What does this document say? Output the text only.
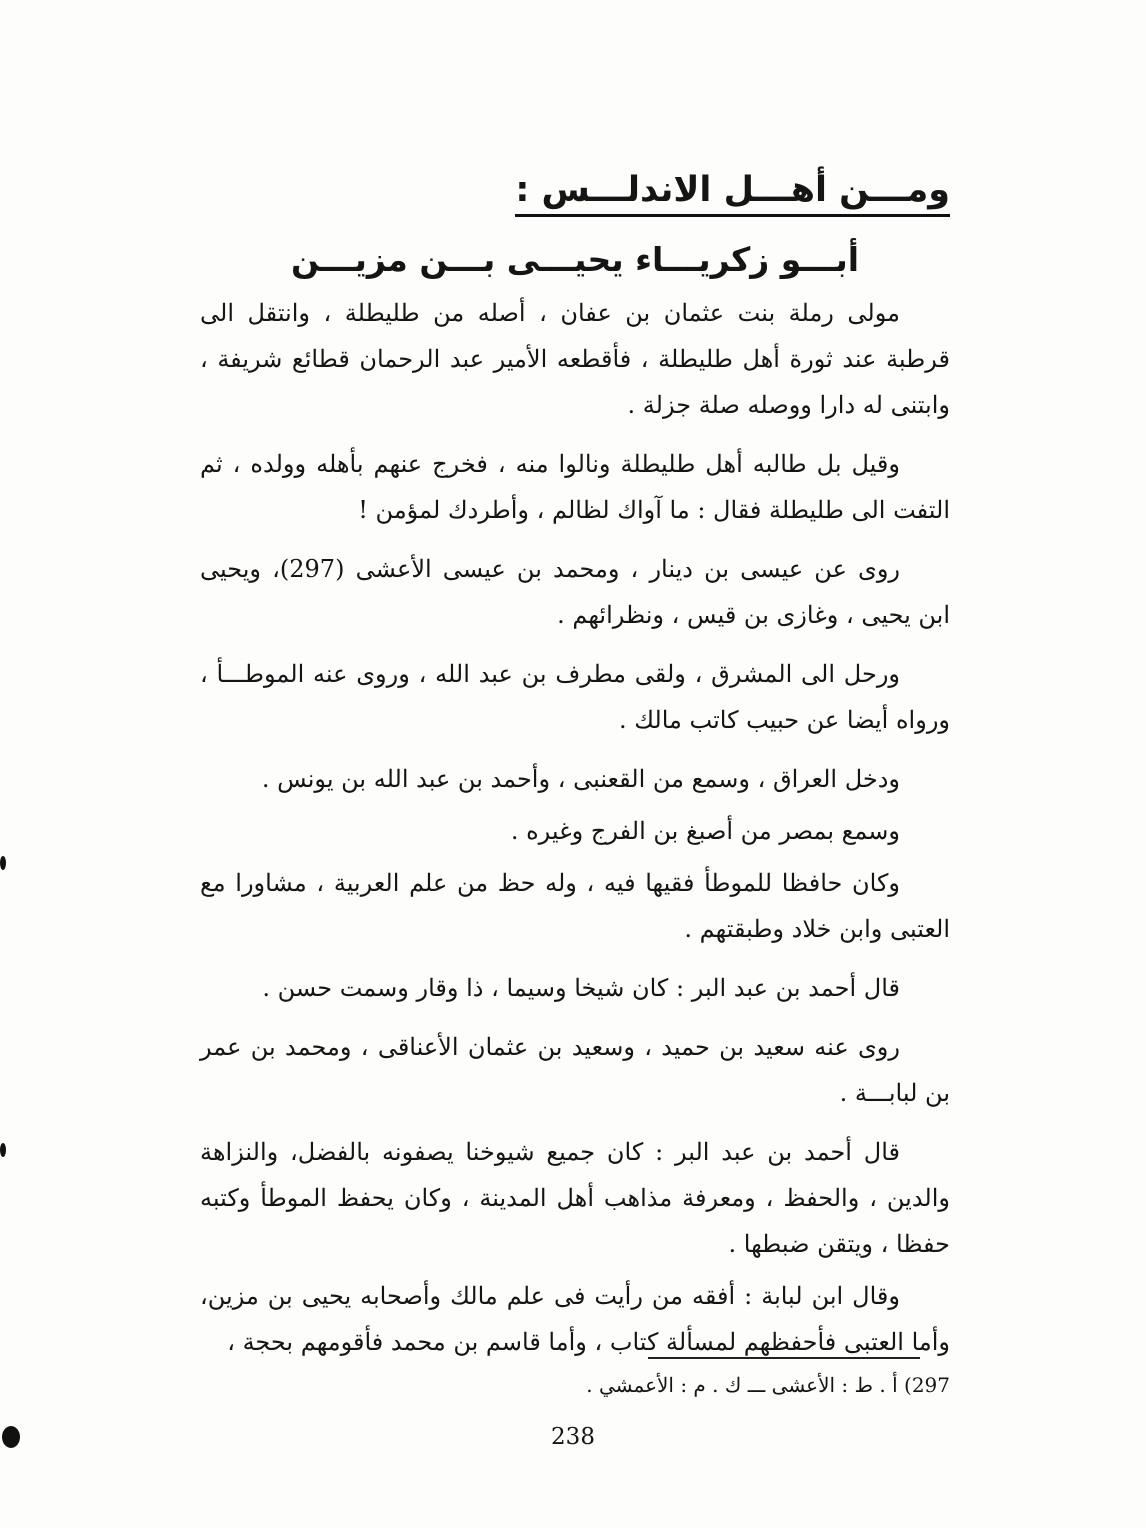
ومـــن أهـــل الاندلـــس :
أبـــو زكريـــاء يحيـــى بـــن مزيـــن

مولى رملة بنت عثمان بن عفان ، أصله من طليطلة ، وانتقل الى قرطبة عند ثورة أهل طليطلة ، فأقطعه الأمير عبد الرحمان قطائع شريفة ، وابتنى له دارا ووصله صلة جزلة .

وقيل بل طالبه أهل طليطلة ونالوا منه ، فخرج عنهم بأهله وولده ، ثم التفت الى طليطلة فقال : ما آواك لظالم ، وأطردك لمؤمن !

روى عن عيسى بن دينار ، ومحمد بن عيسى الأعشى (297)، ويحيى ابن يحيى ، وغازى بن قيس ، ونظرائهم .

ورحل الى المشرق ، ولقى مطرف بن عبد الله ، وروى عنه الموطـــأ ، ورواه أيضا عن حبيب كاتب مالك .

ودخل العراق ، وسمع من القعنبى ، وأحمد بن عبد الله بن يونس .

وسمع بمصر من أصبغ بن الفرج وغيره .

وكان حافظا للموطأ فقيها فيه ، وله حظ من علم العربية ، مشاورا مع العتبى وابن خلاد وطبقتهم .

قال أحمد بن عبد البر : كان شيخا وسيما ، ذا وقار وسمت حسن .

روى عنه سعيد بن حميد ، وسعيد بن عثمان الأعناقى ، ومحمد بن عمر بن لبابـــة .

قال أحمد بن عبد البر : كان جميع شيوخنا يصفونه بالفضل، والنزاهة والدين ، والحفظ ، ومعرفة مذاهب أهل المدينة ، وكان يحفظ الموطأ وكتبه حفظا ، ويتقن ضبطها .

وقال ابن لبابة : أفقه من رأيت فى علم مالك وأصحابه يحيى بن مزين، وأما العتبى فأحفظهم لمسألة كتاب ، وأما قاسم بن محمد فأقومهم بحجة ،

297) أ . ط : الأعشى ـــ ك . م : الأعمشي .
238
